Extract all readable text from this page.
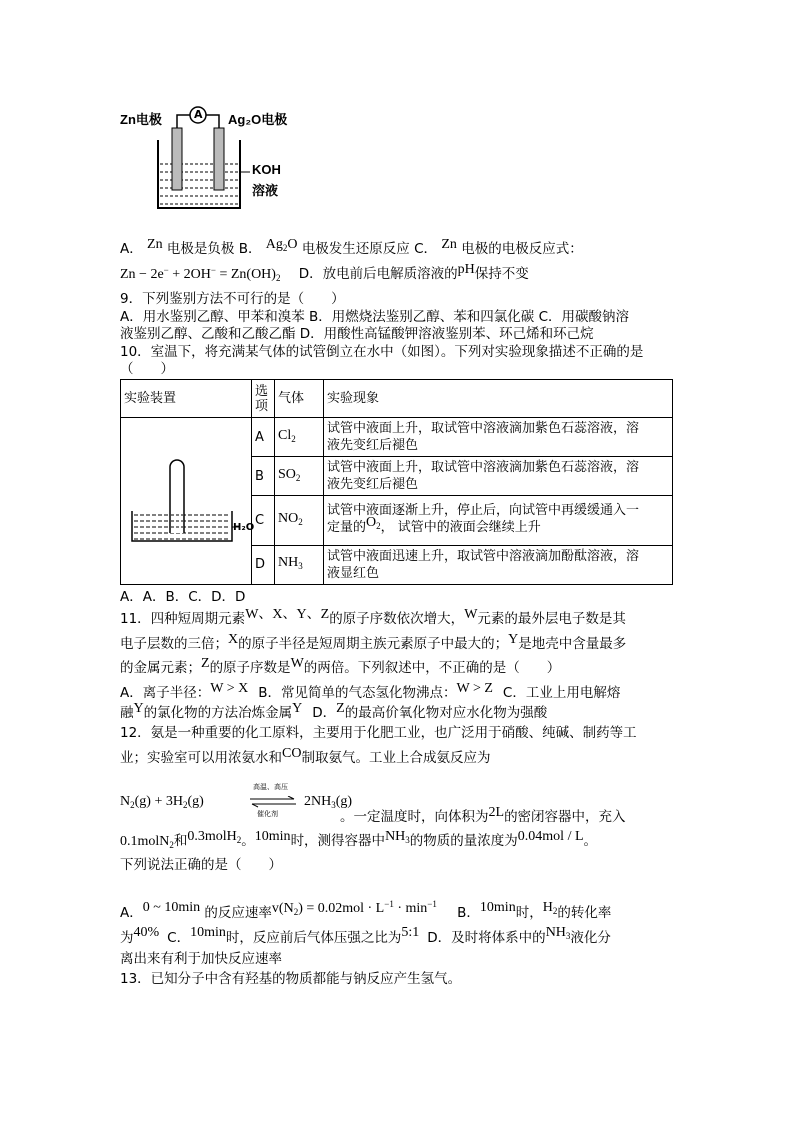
Zn电极	A Ag₂O电极
KOH
溶液
A． Zn 电极是负极 B． $Ag_2O$ 电极发生还原反应 C． Zn 电极的电极反应式：
$Zn - 2e^- + 2OH^- = Zn(OH)_2$ D．放电前后电解质溶液的pH保持不变
9．下列鉴别方法不可行的是（　　）
A．用水鉴别乙醇、甲苯和溴苯 B．用燃烧法鉴别乙醇、苯和四氯化碳 C．用碳酸钠溶
液鉴别乙醇、乙酸和乙酸乙酯 D．用酸性高锰酸钾溶液鉴别苯、环己烯和环己烷
10．室温下，将充满某气体的试管倒立在水中（如图）。下列对实验现象描述不正确的是
（　　）
实验装置	选项	气体	实验现象

H₂O	A	$Cl_2$	试管中液面上升，取试管中溶液滴加紫色石蕊溶液，溶
液先变红后褪色

	B	$SO_2$	试管中液面上升，取试管中溶液滴加紫色石蕊溶液，溶
液先变红后褪色

	C	$NO_2$	试管中液面逐渐上升，停止后，向试管中再缓缓通入一
定量的$O_2$， 试管中的液面会继续上升

	D	$NH_3$	试管中液面迅速上升，取试管中溶液滴加酚酞溶液，溶
液显红色
A．A．B．C．D．D
11．四种短周期元素W、X、Y、Z的原子序数依次增大，W元素的最外层电子数是其
电子层数的三倍；X的原子半径是短周期主族元素原子中最大的；Y是地壳中含量最多
的金属元素；Z的原子序数是W的两倍。下列叙述中，不正确的是（　　）
A．离子半径：W > X B．常见简单的气态氢化物沸点：W > Z C．工业上用电解熔
融Y的氯化物的方法冶炼金属Y D．Z的最高价氧化物对应水化物为强酸
12．氨是一种重要的化工原料，主要用于化肥工业，也广泛用于硝酸、纯碱、制药等工
业；实验室可以用浓氨水和CO制取氨气。工业上合成氨反应为
$N_2(g) + 3H_2(g)$
高温、高压
催化剂
$2NH_3(g)$
。一定温度时，向体积为2L的密闭容器中，充入
0.1molN$_2$和0.3molH$_2$。10min时，测得容器中$NH_3$的物质的量浓度为0.04mol / L。
下列说法正确的是（　　）
A．0 ~ 10min 的反应速率$v(N_2) = 0.02mol \cdot L^{-1} \cdot \min^{-1} B$．10min时，$H_2$的转化率
为40% C．10min时，反应前后气体压强之比为5:1 D．及时将体系中的$NH_3$液化分
离出来有利于加快反应速率
13．已知分子中含有羟基的物质都能与钠反应产生氢气。
